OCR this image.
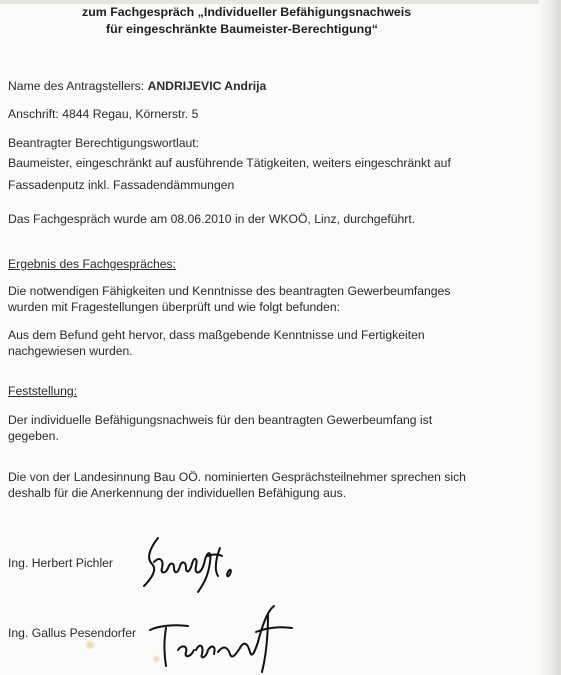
zum Fachgespräch „Individueller Befähigungsnachweis
für eingeschränkte Baumeister-Berechtigung“
Name des Antragstellers: ANDRIJEVIC Andrija
Anschrift: 4844 Regau, Körnerstr. 5
Beantragter Berechtigungswortlaut:
Baumeister, eingeschränkt auf ausführende Tätigkeiten, weiters eingeschränkt auf
Fassadenputz inkl. Fassadendämmungen
Das Fachgespräch wurde am 08.06.2010 in der WKOÖ, Linz, durchgeführt.
Ergebnis des Fachgespräches:
Die notwendigen Fähigkeiten und Kenntnisse des beantragten Gewerbeumfanges
wurden mit Fragestellungen überprüft und wie folgt befunden:
Aus dem Befund geht hervor, dass maßgebende Kenntnisse und Fertigkeiten
nachgewiesen wurden.
Feststellung:
Der individuelle Befähigungsnachweis für den beantragten Gewerbeumfang ist
gegeben.
Die von der Landesinnung Bau OÖ. nominierten Gesprächsteilnehmer sprechen sich
deshalb für die Anerkennung der individuellen Befähigung aus.
Ing. Herbert Pichler
Ing. Gallus Pesendorfer
